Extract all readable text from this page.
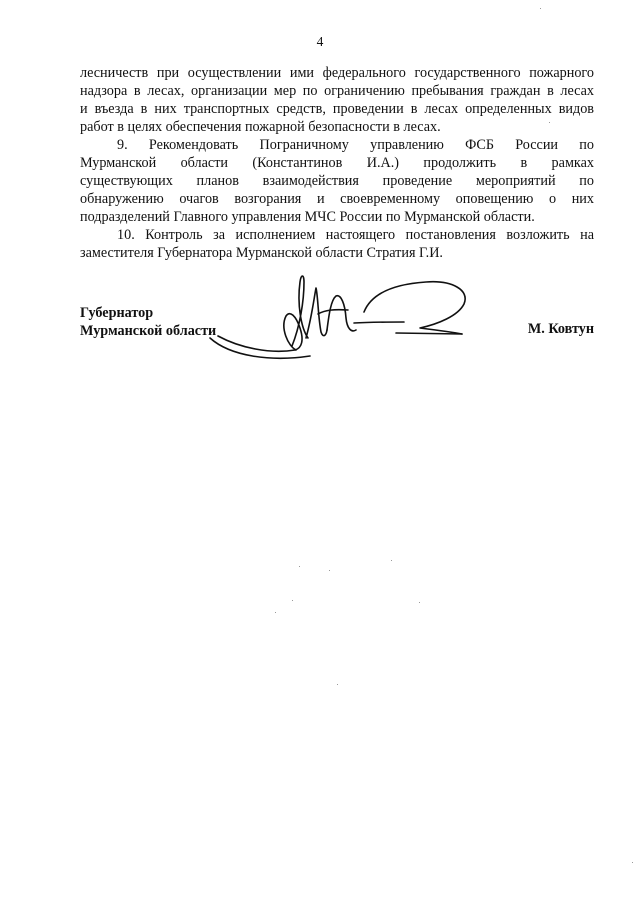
4
лесничеств при осуществлении ими федерального государственного пожарного
надзора в лесах, организации мер по ограничению пребывания граждан в лесах
и въезда в них транспортных средств, проведении в лесах определенных видов
работ в целях обеспечения пожарной безопасности в лесах.
9. Рекомендовать Пограничному управлению ФСБ России по
Мурманской области (Константинов И.А.) продолжить в рамках
существующих планов взаимодействия проведение мероприятий по
обнаружению очагов возгорания и своевременному оповещению о них
подразделений Главного управления МЧС России по Мурманской области.
10. Контроль за исполнением настоящего постановления возложить на
заместителя Губернатора Мурманской области Стратия Г.И.
Губернатор
Мурманской области	М. Ковтун
